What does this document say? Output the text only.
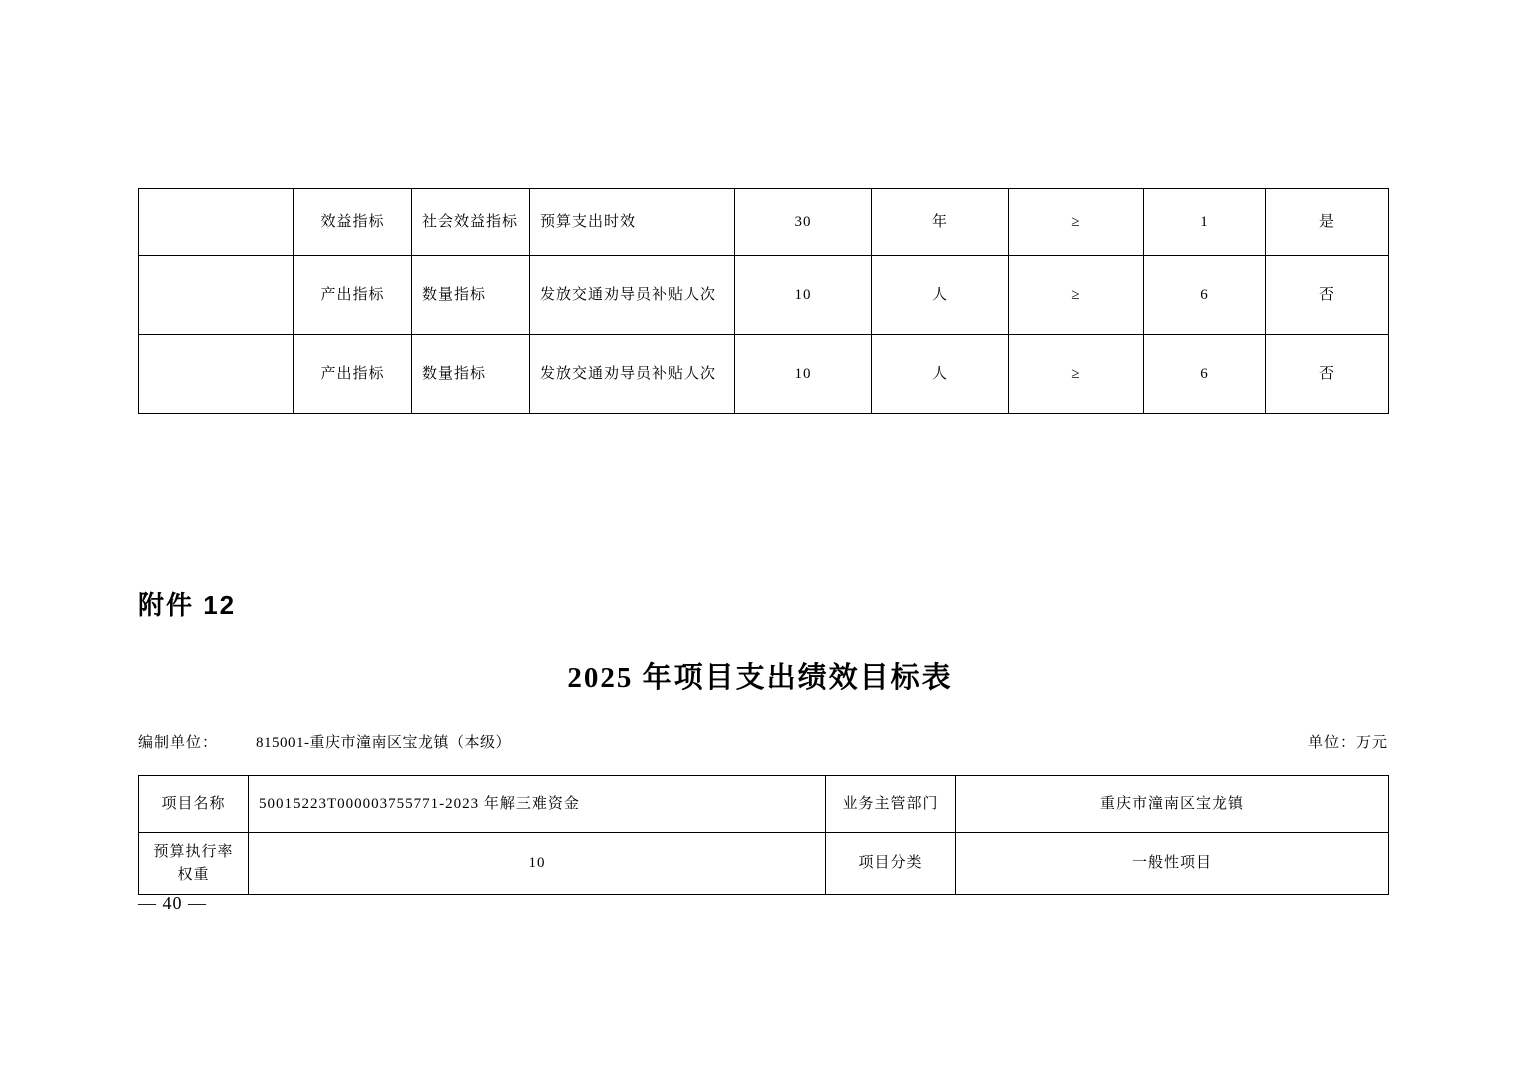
	效益指标	社会效益指标	预算支出时效	30	年	≥	1	是
	产出指标	数量指标	发放交通劝导员补贴人次	10	人	≥	6	否
	产出指标	数量指标	发放交通劝导员补贴人次	10	人	≥	6	否
附件 12
2025 年项目支出绩效目标表
编制单位：	815001-重庆市潼南区宝龙镇（本级）	单位：万元
项目名称	50015223T000003755771-2023 年解三难资金	业务主管部门	重庆市潼南区宝龙镇

预算执行率
权重	10	项目分类	一般性项目
— 40 —
